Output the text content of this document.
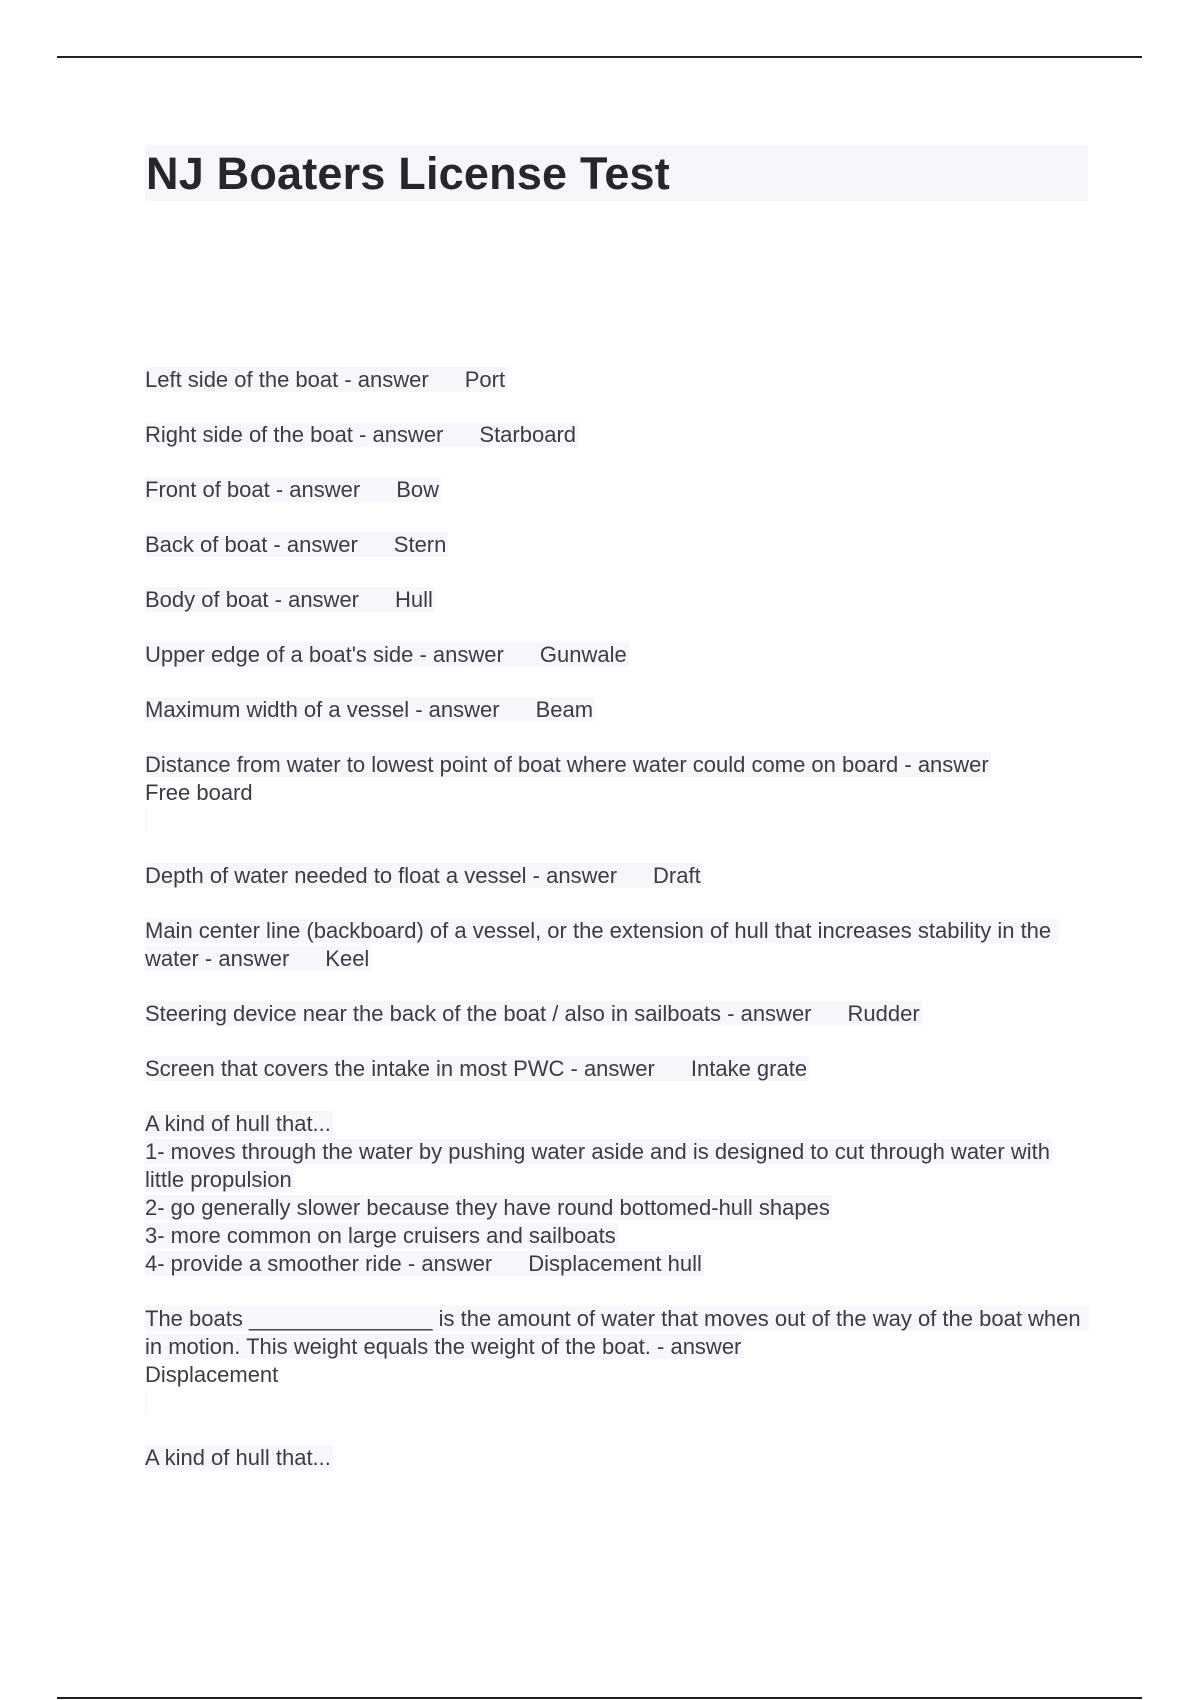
NJ Boaters License Test

Left side of the boat - answer Port

Right side of the boat - answer Starboard

Front of boat - answer Bow

Back of boat - answer Stern

Body of boat - answer Hull

Upper edge of a boat's side - answer Gunwale

Maximum width of a vessel - answer Beam

Distance from water to lowest point of boat where water could come on board - answer
Free board

Depth of water needed to float a vessel - answer Draft

Main center line (backboard) of a vessel, or the extension of hull that increases stability in the water - answer Keel

Steering device near the back of the boat / also in sailboats - answer Rudder

Screen that covers the intake in most PWC - answer Intake grate

A kind of hull that...
1- moves through the water by pushing water aside and is designed to cut through water with little propulsion
2- go generally slower because they have round bottomed-hull shapes
3- more common on large cruisers and sailboats
4- provide a smoother ride - answer Displacement hull

The boats _______________ is the amount of water that moves out of the way of the boat when in motion. This weight equals the weight of the boat. - answer
Displacement

A kind of hull that...
